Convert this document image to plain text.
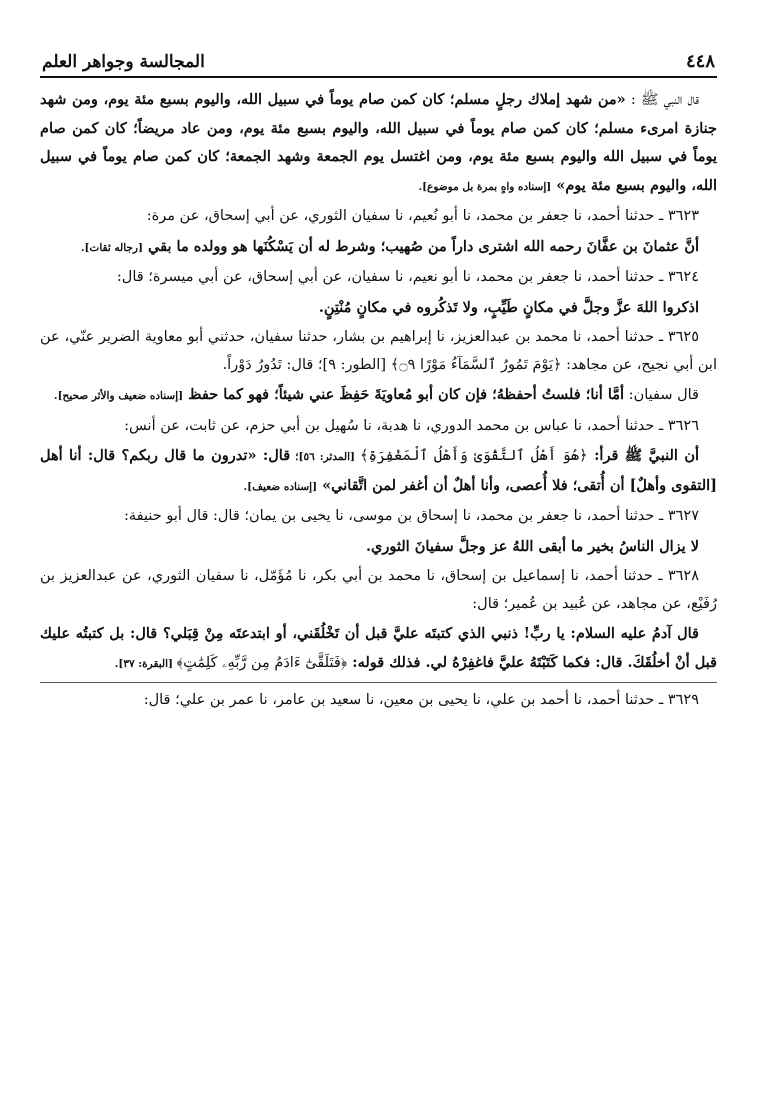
٤٤٨
المجالسة وجواهر العلم

قال النبي ﷺ : «من شهد إملاك رجلٍ مسلم؛ كان كمن صام يوماً في سبيل الله، واليوم بسبع مئة يوم، ومن شهد جنازة امرىء مسلم؛ كان كمن صام يوماً في سبيل الله، واليوم بسبع مئة يوم، ومن عاد مريضاً؛ كان كمن صام يوماً في سبيل الله واليوم بسبع مئة يوم، ومن اغتسل يوم الجمعة وشهد الجمعة؛ كان كمن صام يوماً في سبيل الله، واليوم بسبع مئة يوم» [إسناده واهٍ بمرة بل موضوع].

٣٦٢٣ ـ حدثنا أحمد، نا جعفر بن محمد، نا أبو نُعيم، نا سفيان الثوري، عن أبي إسحاق، عن مرة:

أنَّ عثمانَ بن عفَّانَ رحمه الله اشترى داراً من صُهيب؛ وشرط له أن يَسْكُنَها هو وولده ما بقي [رجاله ثقات].

٣٦٢٤ ـ حدثنا أحمد، نا جعفر بن محمد، نا أبو نعيم، نا سفيان، عن أبي إسحاق، عن أبي ميسرة؛ قال:

اذكروا اللهَ عزَّ وجلَّ في مكانٍ طَيِّبٍ، ولا تَذكُروه في مكانٍ مُنْتِنٍ.

٣٦٢٥ ـ حدثنا أحمد، نا محمد بن عبدالعزيز، نا إبراهيم بن بشار، حدثنا سفيان، حدثني أبو معاوية الضرير عنّي، عن ابن أبي نجيح، عن مجاهد: ﴿يَوْمَ تَمُورُ ٱلسَّمَآءُ مَوْرًا ۝٩﴾ [الطور: ٩]؛ قال: تَدُورُ دَوْراً.

قال سفيان: أمَّا أنا؛ فلستُ أحفظهُ؛ فإن كان أبو مُعاويَةَ حَفِظَ عني شيئاً؛ فهو كما حفظ [إسناده ضعيف والأثر صحيح].

٣٦٢٦ ـ حدثنا أحمد، نا عباس بن محمد الدوري، نا هدبة، نا سُهيل بن أبي حزم، عن ثابت، عن أنس:

أن النبيَّ ﷺ قرأ: ﴿هُوَ أَهْلُ ٱلتَّقْوَىٰ وَأَهْلُ ٱلْمَغْفِرَةِ﴾ [المدثر: ٥٦]؛ قال: «تدرون ما قال ربكم؟ قال: أنا أهل [التقوى وأهلٌ] أن أُتقى؛ فلا أُعصى، وأنا أهلٌ أن أغفر لمن اتَّقاني» [إسناده ضعيف].

٣٦٢٧ ـ حدثنا أحمد، نا جعفر بن محمد، نا إسحاق بن موسى، نا يحيى بن يمان؛ قال: قال أبو حنيفة:

لا يزال الناسُ بخير ما أبقى اللهُ عز وجلَّ سفيانَ الثوري.

٣٦٢٨ ـ حدثنا أحمد، نا إسماعيل بن إسحاق، نا محمد بن أبي بكر، نا مُؤَمّل، نا سفيان الثوري، عن عبدالعزيز بن رُفَيْع، عن مجاهد، عن عُبيد بن عُمير؛ قال:

قال آدمُ عليه السلام: يا ربِّ! ذنبي الذي كتبتَه عليَّ قبل أن تَخْلُقَني، أو ابتدعتَه مِنْ قِبَلي؟ قال: بل كتبتُه عليك قبل أنْ أخلُقَكَ. قال: فكما كَتَبْتَهُ عليَّ فاغفِرْهُ لي. فذلك قوله: ﴿فَتَلَقَّىٰٓ ءَادَمُ مِن رَّبِّهِۦ كَلِمَٰتٍ﴾ [البقرة: ٣٧].

٣٦٢٩ ـ حدثنا أحمد، نا أحمد بن علي، نا يحيى بن معين، نا سعيد بن عامر، نا عمر بن علي؛ قال:
